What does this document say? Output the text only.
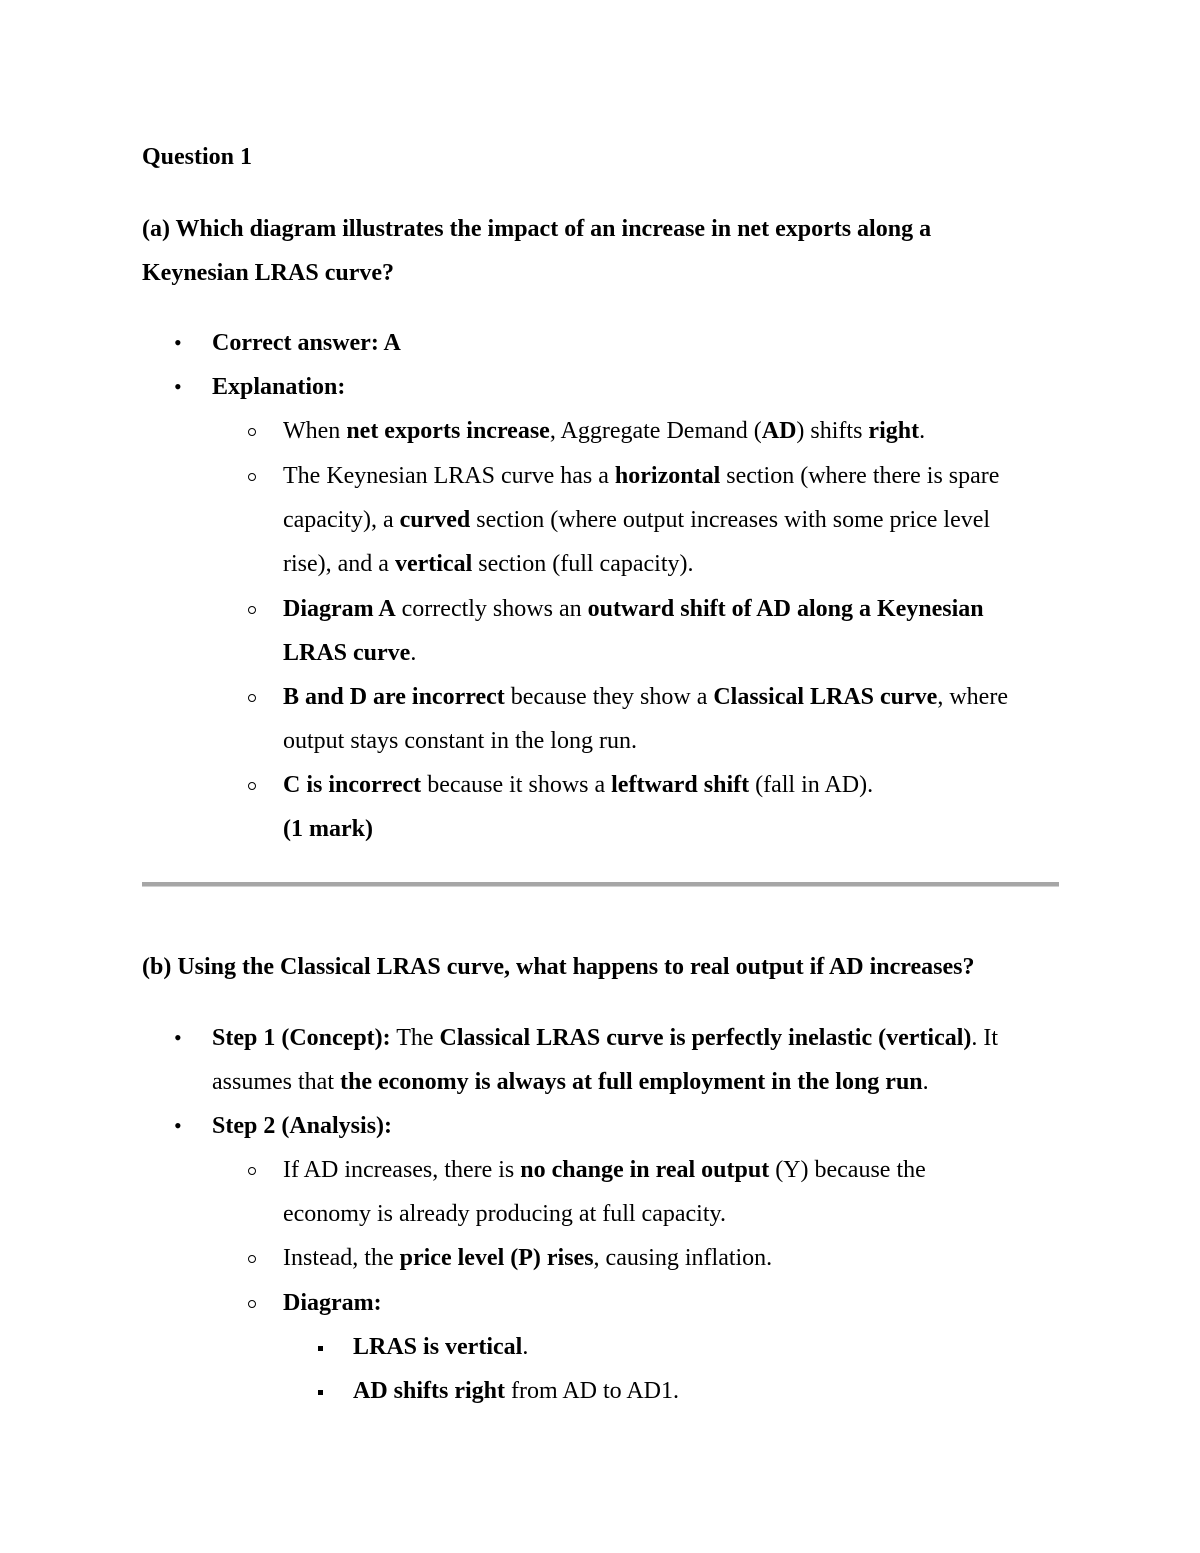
Question 1
(a) Which diagram illustrates the impact of an increase in net exports along a
Keynesian LRAS curve?
• Correct answer: A
• Explanation:
When net exports increase, Aggregate Demand (AD) shifts right.
The Keynesian LRAS curve has a horizontal section (where there is spare
capacity), a curved section (where output increases with some price level
rise), and a vertical section (full capacity).
Diagram A correctly shows an outward shift of AD along a Keynesian
LRAS curve.
B and D are incorrect because they show a Classical LRAS curve, where
output stays constant in the long run.
C is incorrect because it shows a leftward shift (fall in AD).
(1 mark)
(b) Using the Classical LRAS curve, what happens to real output if AD increases?
• Step 1 (Concept): The Classical LRAS curve is perfectly inelastic (vertical). It
assumes that the economy is always at full employment in the long run.
• Step 2 (Analysis):
If AD increases, there is no change in real output (Y) because the
economy is already producing at full capacity.
Instead, the price level (P) rises, causing inflation.
Diagram:
LRAS is vertical.
AD shifts right from AD to AD1.
